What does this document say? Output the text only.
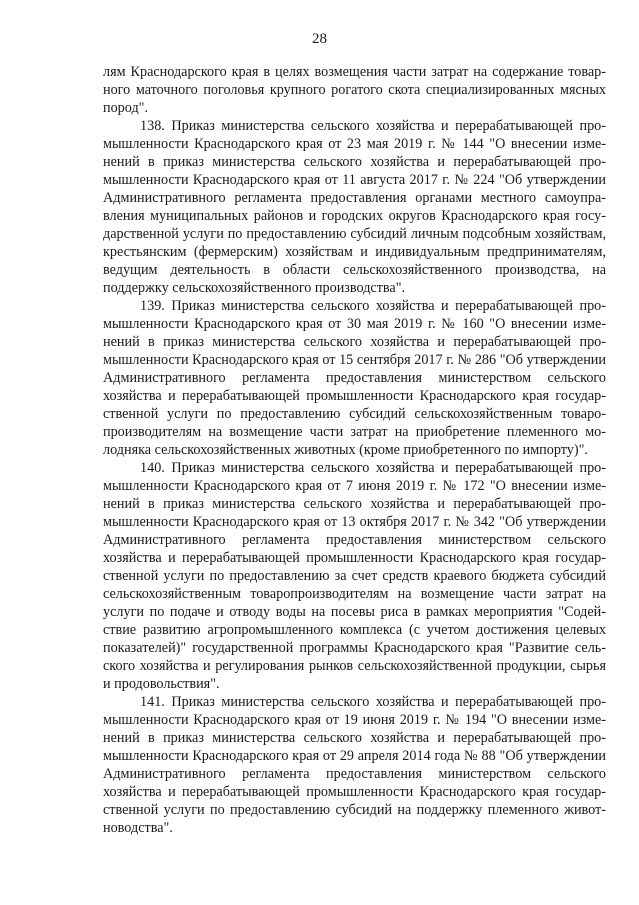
28

лям Краснодарского края в целях возмещения части затрат на содержание товарного маточного поголовья крупного рогатого скота специализированных мясных пород".

138. Приказ министерства сельского хозяйства и перерабатывающей промышленности Краснодарского края от 23 мая 2019 г. № 144 "О внесении изменений в приказ министерства сельского хозяйства и перерабатывающей промышленности Краснодарского края от 11 августа 2017 г. № 224 "Об утверждении Административного регламента предоставления органами местного самоуправления муниципальных районов и городских округов Краснодарского края государственной услуги по предоставлению субсидий личным подсобным хозяйствам, крестьянским (фермерским) хозяйствам и индивидуальным предпринимателям, ведущим деятельность в области сельскохозяйственного производства, на поддержку сельскохозяйственного производства".

139. Приказ министерства сельского хозяйства и перерабатывающей промышленности Краснодарского края от 30 мая 2019 г. № 160 "О внесении изменений в приказ министерства сельского хозяйства и перерабатывающей промышленности Краснодарского края от 15 сентября 2017 г. № 286 "Об утверждении Административного регламента предоставления министерством сельского хозяйства и перерабатывающей промышленности Краснодарского края государственной услуги по предоставлению субсидий сельскохозяйственным товаропроизводителям на возмещение части затрат на приобретение племенного молодняка сельскохозяйственных животных (кроме приобретенного по импорту)".

140. Приказ министерства сельского хозяйства и перерабатывающей промышленности Краснодарского края от 7 июня 2019 г. № 172 "О внесении изменений в приказ министерства сельского хозяйства и перерабатывающей промышленности Краснодарского края от 13 октября 2017 г. № 342 "Об утверждении Административного регламента предоставления министерством сельского хозяйства и перерабатывающей промышленности Краснодарского края государственной услуги по предоставлению за счет средств краевого бюджета субсидий сельскохозяйственным товаропроизводителям на возмещение части затрат на услуги по подаче и отводу воды на посевы риса в рамках мероприятия "Содействие развитию агропромышленного комплекса (с учетом достижения целевых показателей)" государственной программы Краснодарского края "Развитие сельского хозяйства и регулирования рынков сельскохозяйственной продукции, сырья и продовольствия".

141. Приказ министерства сельского хозяйства и перерабатывающей промышленности Краснодарского края от 19 июня 2019 г. № 194 "О внесении изменений в приказ министерства сельского хозяйства и перерабатывающей промышленности Краснодарского края от 29 апреля 2014 года № 88 "Об утверждении Административного регламента предоставления министерством сельского хозяйства и перерабатывающей промышленности Краснодарского края государственной услуги по предоставлению субсидий на поддержку племенного животноводства".
